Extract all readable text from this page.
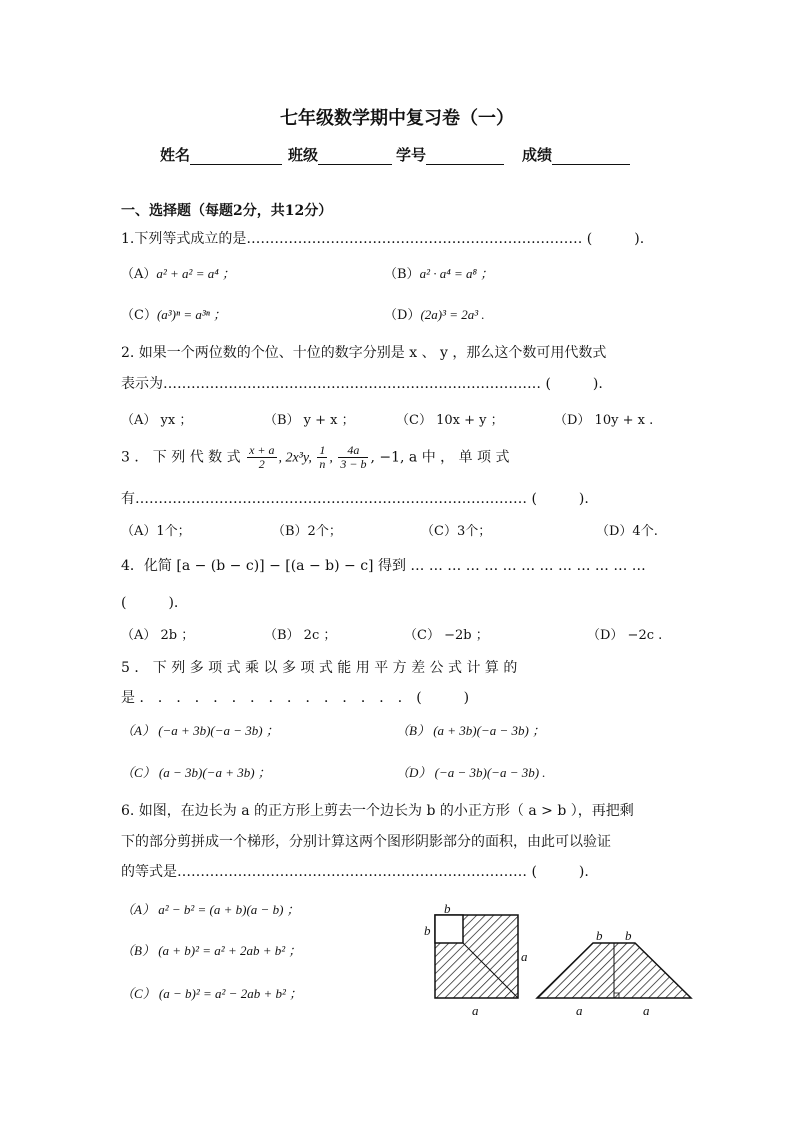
七年级数学期中复习卷（一）
姓名	班级	学号	成绩
一、选择题（每题2分，共12分）
1.下列等式成立的是……………………………………………………………… (　　　).
（A）a² + a² = a⁴ ；	（B）a² · a⁴ = a⁸ ；
（C）(a³)ⁿ = a³ⁿ ；	（D）(2a)³ = 2a³ .
2. 如果一个两位数的个位、十位的数字分别是 x 、 y ，那么这个数可用代数式
表示为……………………………………………………………………… (　　　).
（A） yx ；	（B） y + x ；	（C） 10x + y ；	（D） 10y + x .
3 ． 下 列 代 数 式 $\frac{x + a}{2}$ , 2x³y, $\frac{1}{n}$ , $\frac{4a}{3 - b}$ , −1, a 中 ， 单 项 式
有………………………………………………………………………… (　　　).
（A）1个；	（B）2个；	（C）3个；	（D）4个.
4．化简 [a − (b − c)] − [(a − b) − c] 得到 … … … … … … … … … … … … …
(　　　).
（A） 2b ；	（B） 2c ；	（C） −2b ；	（D） −2c .
5 ． 下 列 多 项 式 乘 以 多 项 式 能 用 平 方 差 公 式 计 算 的
是 ． ． ． ． ． ． ． ． ． ． ． ． ． ． ． (　　　)
（A） (−a + 3b)(−a − 3b) ；	（B） (a + 3b)(−a − 3b) ；
（C） (a − 3b)(−a + 3b) ；	（D） (−a − 3b)(−a − 3b) .
6. 如图，在边长为 a 的正方形上剪去一个边长为 b 的小正方形（ a > b ），再把剩
下的部分剪拼成一个梯形，分别计算这两个图形阴影部分的面积，由此可以验证
的等式是………………………………………………………………… (　　　).
（A） a² − b² = (a + b)(a − b) ；
（B） (a + b)² = a² + 2ab + b² ；
（C） (a − b)² = a² − 2ab + b² ；
b
b
a
a
b b
a	a
